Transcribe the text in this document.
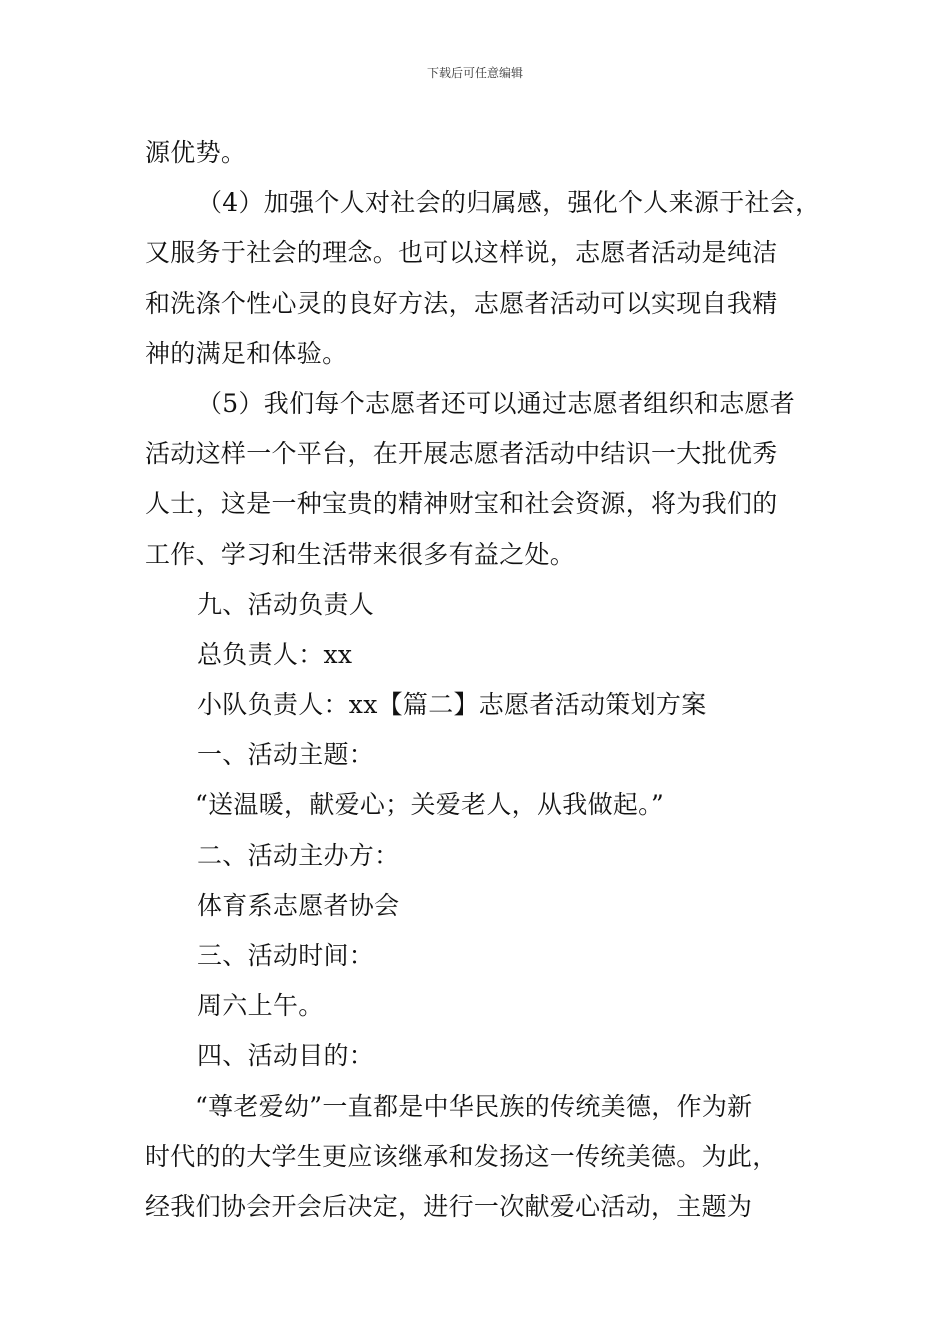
下载后可任意编辑
源优势。
（4）加强个人对社会的归属感，强化个人来源于社会，
又服务于社会的理念。也可以这样说，志愿者活动是纯洁
和洗涤个性心灵的良好方法，志愿者活动可以实现自我精
神的满足和体验。
（5）我们每个志愿者还可以通过志愿者组织和志愿者
活动这样一个平台，在开展志愿者活动中结识一大批优秀
人士，这是一种宝贵的精神财宝和社会资源，将为我们的
工作、学习和生活带来很多有益之处。
九、活动负责人
总负责人：xx
小队负责人：xx【篇二】志愿者活动策划方案
一、活动主题：
“送温暖，献爱心；关爱老人，从我做起。”
二、活动主办方：
体育系志愿者协会
三、活动时间：
周六上午。
四、活动目的：
“尊老爱幼”一直都是中华民族的传统美德，作为新
时代的的大学生更应该继承和发扬这一传统美德。为此，
经我们协会开会后决定，进行一次献爱心活动，主题为
